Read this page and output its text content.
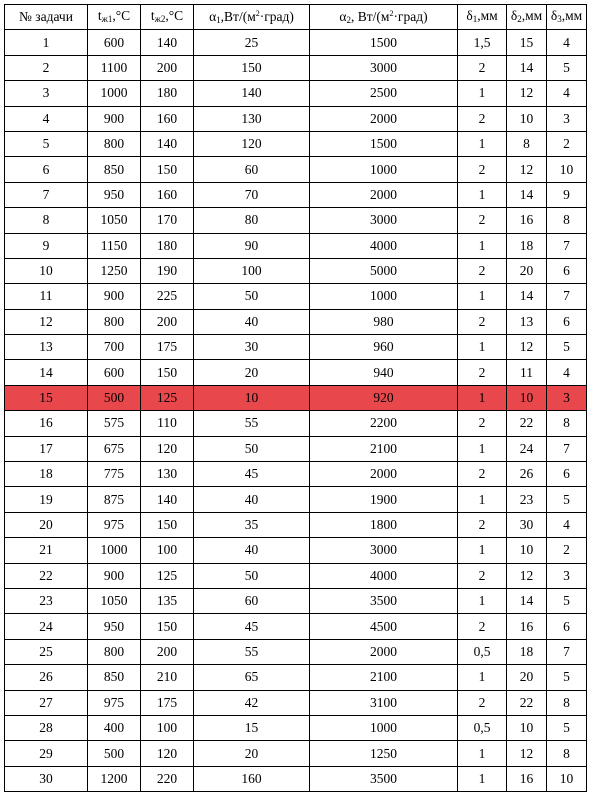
№ задачи	$t_{ж1},^\circ C$	$t_{ж2},^\circ C$	$\alpha_1,Вт/(м^2\cdot град)$	$\alpha_2$, $Вт/(м^2\cdot град)$	$\delta_1,мм$	$\delta_2,мм$	$\delta_3,мм$
1	600	140	25	1500	1,5	15	4
2	1100	200	150	3000	2	14	5
3	1000	180	140	2500	1	12	4
4	900	160	130	2000	2	10	3
5	800	140	120	1500	1	8	2
6	850	150	60	1000	2	12	10
7	950	160	70	2000	1	14	9
8	1050	170	80	3000	2	16	8
9	1150	180	90	4000	1	18	7
10	1250	190	100	5000	2	20	6
11	900	225	50	1000	1	14	7
12	800	200	40	980	2	13	6
13	700	175	30	960	1	12	5
14	600	150	20	940	2	11	4
15	500	125	10	920	1	10	3
16	575	110	55	2200	2	22	8
17	675	120	50	2100	1	24	7
18	775	130	45	2000	2	26	6
19	875	140	40	1900	1	23	5
20	975	150	35	1800	2	30	4
21	1000	100	40	3000	1	10	2
22	900	125	50	4000	2	12	3
23	1050	135	60	3500	1	14	5
24	950	150	45	4500	2	16	6
25	800	200	55	2000	0,5	18	7
26	850	210	65	2100	1	20	5
27	975	175	42	3100	2	22	8
28	400	100	15	1000	0,5	10	5
29	500	120	20	1250	1	12	8
30	1200	220	160	3500	1	16	10
